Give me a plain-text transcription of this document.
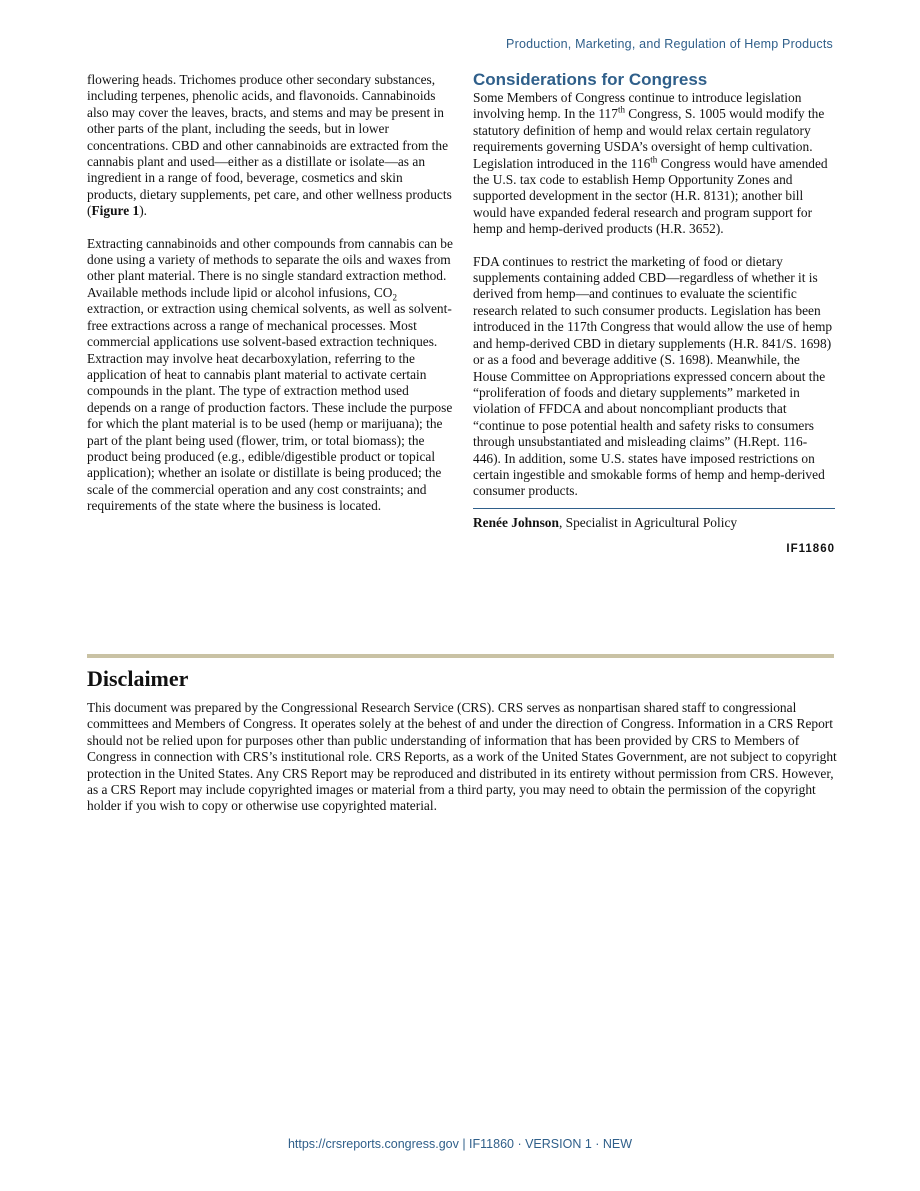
Production, Marketing, and Regulation of Hemp Products

flowering heads. Trichomes produce other secondary substances, including terpenes, phenolic acids, and flavonoids. Cannabinoids also may cover the leaves, bracts, and stems and may be present in other parts of the plant, including the seeds, but in lower concentrations. CBD and other cannabinoids are extracted from the cannabis plant and used—either as a distillate or isolate—as an ingredient in a range of food, beverage, cosmetics and skin products, dietary supplements, pet care, and other wellness products (Figure 1).

Extracting cannabinoids and other compounds from cannabis can be done using a variety of methods to separate the oils and waxes from other plant material. There is no single standard extraction method. Available methods include lipid or alcohol infusions, $CO_2$ extraction, or extraction using chemical solvents, as well as solvent-free extractions across a range of mechanical processes. Most commercial applications use solvent-based extraction techniques. Extraction may involve heat decarboxylation, referring to the application of heat to cannabis plant material to activate certain compounds in the plant. The type of extraction method used depends on a range of production factors. These include the purpose for which the plant material is to be used (hemp or marijuana); the part of the plant being used (flower, trim, or total biomass); the product being produced (e.g., edible/digestible product or topical application); whether an isolate or distillate is being produced; the scale of the commercial operation and any cost constraints; and requirements of the state where the business is located.

Considerations for Congress

Some Members of Congress continue to introduce legislation involving hemp. In the 117th Congress, S. 1005 would modify the statutory definition of hemp and would relax certain regulatory requirements governing USDA’s oversight of hemp cultivation. Legislation introduced in the 116th Congress would have amended the U.S. tax code to establish Hemp Opportunity Zones and supported development in the sector (H.R. 8131); another bill would have expanded federal research and program support for hemp and hemp-derived products (H.R. 3652).

FDA continues to restrict the marketing of food or dietary supplements containing added CBD—regardless of whether it is derived from hemp—and continues to evaluate the scientific research related to such consumer products. Legislation has been introduced in the 117th Congress that would allow the use of hemp and hemp-derived CBD in dietary supplements (H.R. 841/S. 1698) or as a food and beverage additive (S. 1698). Meanwhile, the House Committee on Appropriations expressed concern about the “proliferation of foods and dietary supplements” marketed in violation of FFDCA and about noncompliant products that “continue to pose potential health and safety risks to consumers through unsubstantiated and misleading claims” (H.Rept. 116-446). In addition, some U.S. states have imposed restrictions on certain ingestible and smokable forms of hemp and hemp-derived consumer products.

Renée Johnson, Specialist in Agricultural Policy
IF11860
Disclaimer
This document was prepared by the Congressional Research Service (CRS). CRS serves as nonpartisan shared staff to congressional committees and Members of Congress. It operates solely at the behest of and under the direction of Congress. Information in a CRS Report should not be relied upon for purposes other than public understanding of information that has been provided by CRS to Members of Congress in connection with CRS’s institutional role. CRS Reports, as a work of the United States Government, are not subject to copyright protection in the United States. Any CRS Report may be reproduced and distributed in its entirety without permission from CRS. However, as a CRS Report may include copyrighted images or material from a third party, you may need to obtain the permission of the copyright holder if you wish to copy or otherwise use copyrighted material.
https://crsreports.congress.gov | IF11860 · VERSION 1 · NEW
